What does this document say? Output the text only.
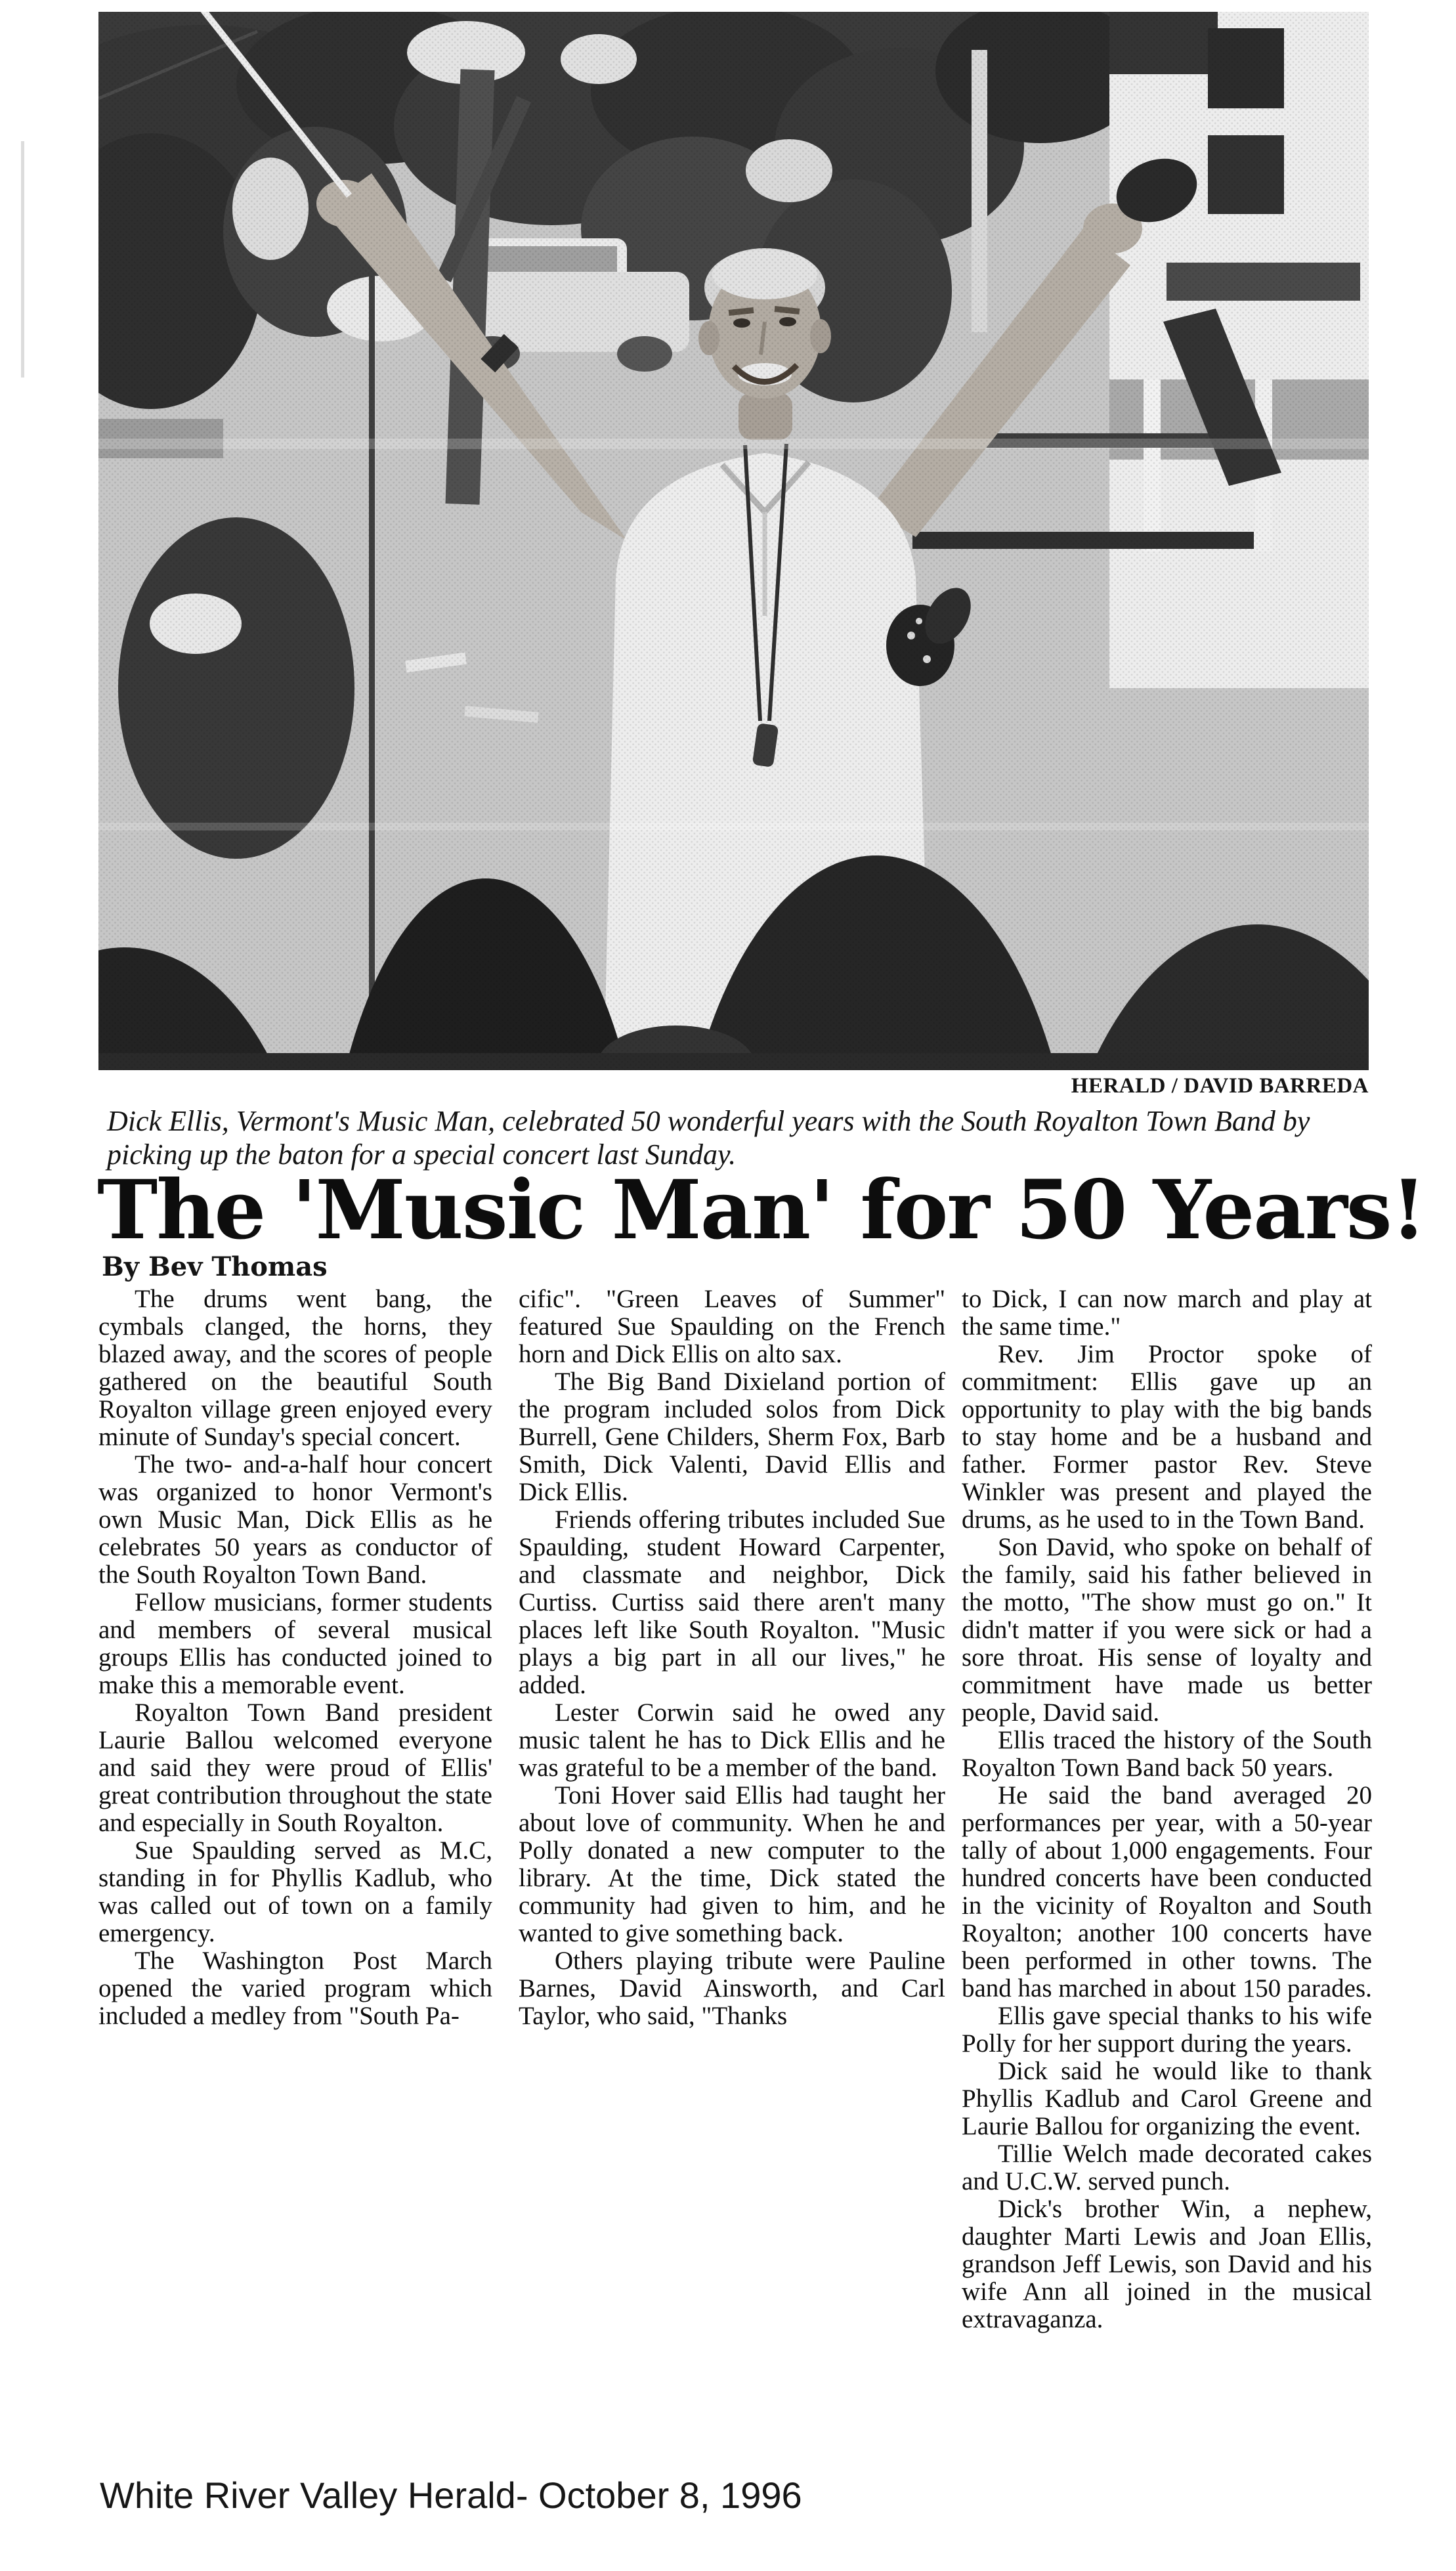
HERALD / DAVID BARREDA

Dick Ellis, Vermont's Music Man, celebrated 50 wonderful years with the South Royalton Town Band by picking up the baton for a special concert last Sunday.

The 'Music Man' for 50 Years!
By Bev Thomas

The drums went bang, the cymbals clanged, the horns, they blazed away, and the scores of people gathered on the beautiful South Royalton village green enjoyed every minute of Sunday's special concert.

The two- and-a-half hour concert was organized to honor Vermont's own Music Man, Dick Ellis as he celebrates 50 years as conductor of the South Royalton Town Band.

Fellow musicians, former students and members of several musical groups Ellis has conducted joined to make this a memorable event.

Royalton Town Band president Laurie Ballou welcomed everyone and said they were proud of Ellis' great contribution throughout the state and especially in South Royalton.

Sue Spaulding served as M.C, standing in for Phyllis Kadlub, who was called out of town on a family emergency.

The Washington Post March opened the varied program which included a medley from "South Pa-

cific". "Green Leaves of Summer" featured Sue Spaulding on the French horn and Dick Ellis on alto sax.

The Big Band Dixieland portion of the program included solos from Dick Burrell, Gene Childers, Sherm Fox, Barb Smith, Dick Valenti, David Ellis and Dick Ellis.

Friends offering tributes included Sue Spaulding, student Howard Carpenter, and classmate and neighbor, Dick Curtiss. Curtiss said there aren't many places left like South Royalton. "Music plays a big part in all our lives," he added.

Lester Corwin said he owed any music talent he has to Dick Ellis and he was grateful to be a member of the band.

Toni Hover said Ellis had taught her about love of community. When he and Polly donated a new computer to the library. At the time, Dick stated the community had given to him, and he wanted to give something back.

Others playing tribute were Pauline Barnes, David Ainsworth, and Carl Taylor, who said, "Thanks

to Dick, I can now march and play at the same time."

Rev. Jim Proctor spoke of commitment: Ellis gave up an opportunity to play with the big bands to stay home and be a husband and father. Former pastor Rev. Steve Winkler was present and played the drums, as he used to in the Town Band.

Son David, who spoke on behalf of the family, said his father believed in the motto, "The show must go on." It didn't matter if you were sick or had a sore throat. His sense of loyalty and commitment have made us better people, David said.

Ellis traced the history of the South Royalton Town Band back 50 years.

He said the band averaged 20 performances per year, with a 50-year tally of about 1,000 engagements. Four hundred concerts have been conducted in the vicinity of Royalton and South Royalton; another 100 concerts have been performed in other towns. The band has marched in about 150 parades.

Ellis gave special thanks to his wife Polly for her support during the years.

Dick said he would like to thank Phyllis Kadlub and Carol Greene and Laurie Ballou for organizing the event.

Tillie Welch made decorated cakes and U.C.W. served punch.

Dick's brother Win, a nephew, daughter Marti Lewis and Joan Ellis, grandson Jeff Lewis, son David and his wife Ann all joined in the musical extravaganza.

White River Valley Herald- October 8, 1996
